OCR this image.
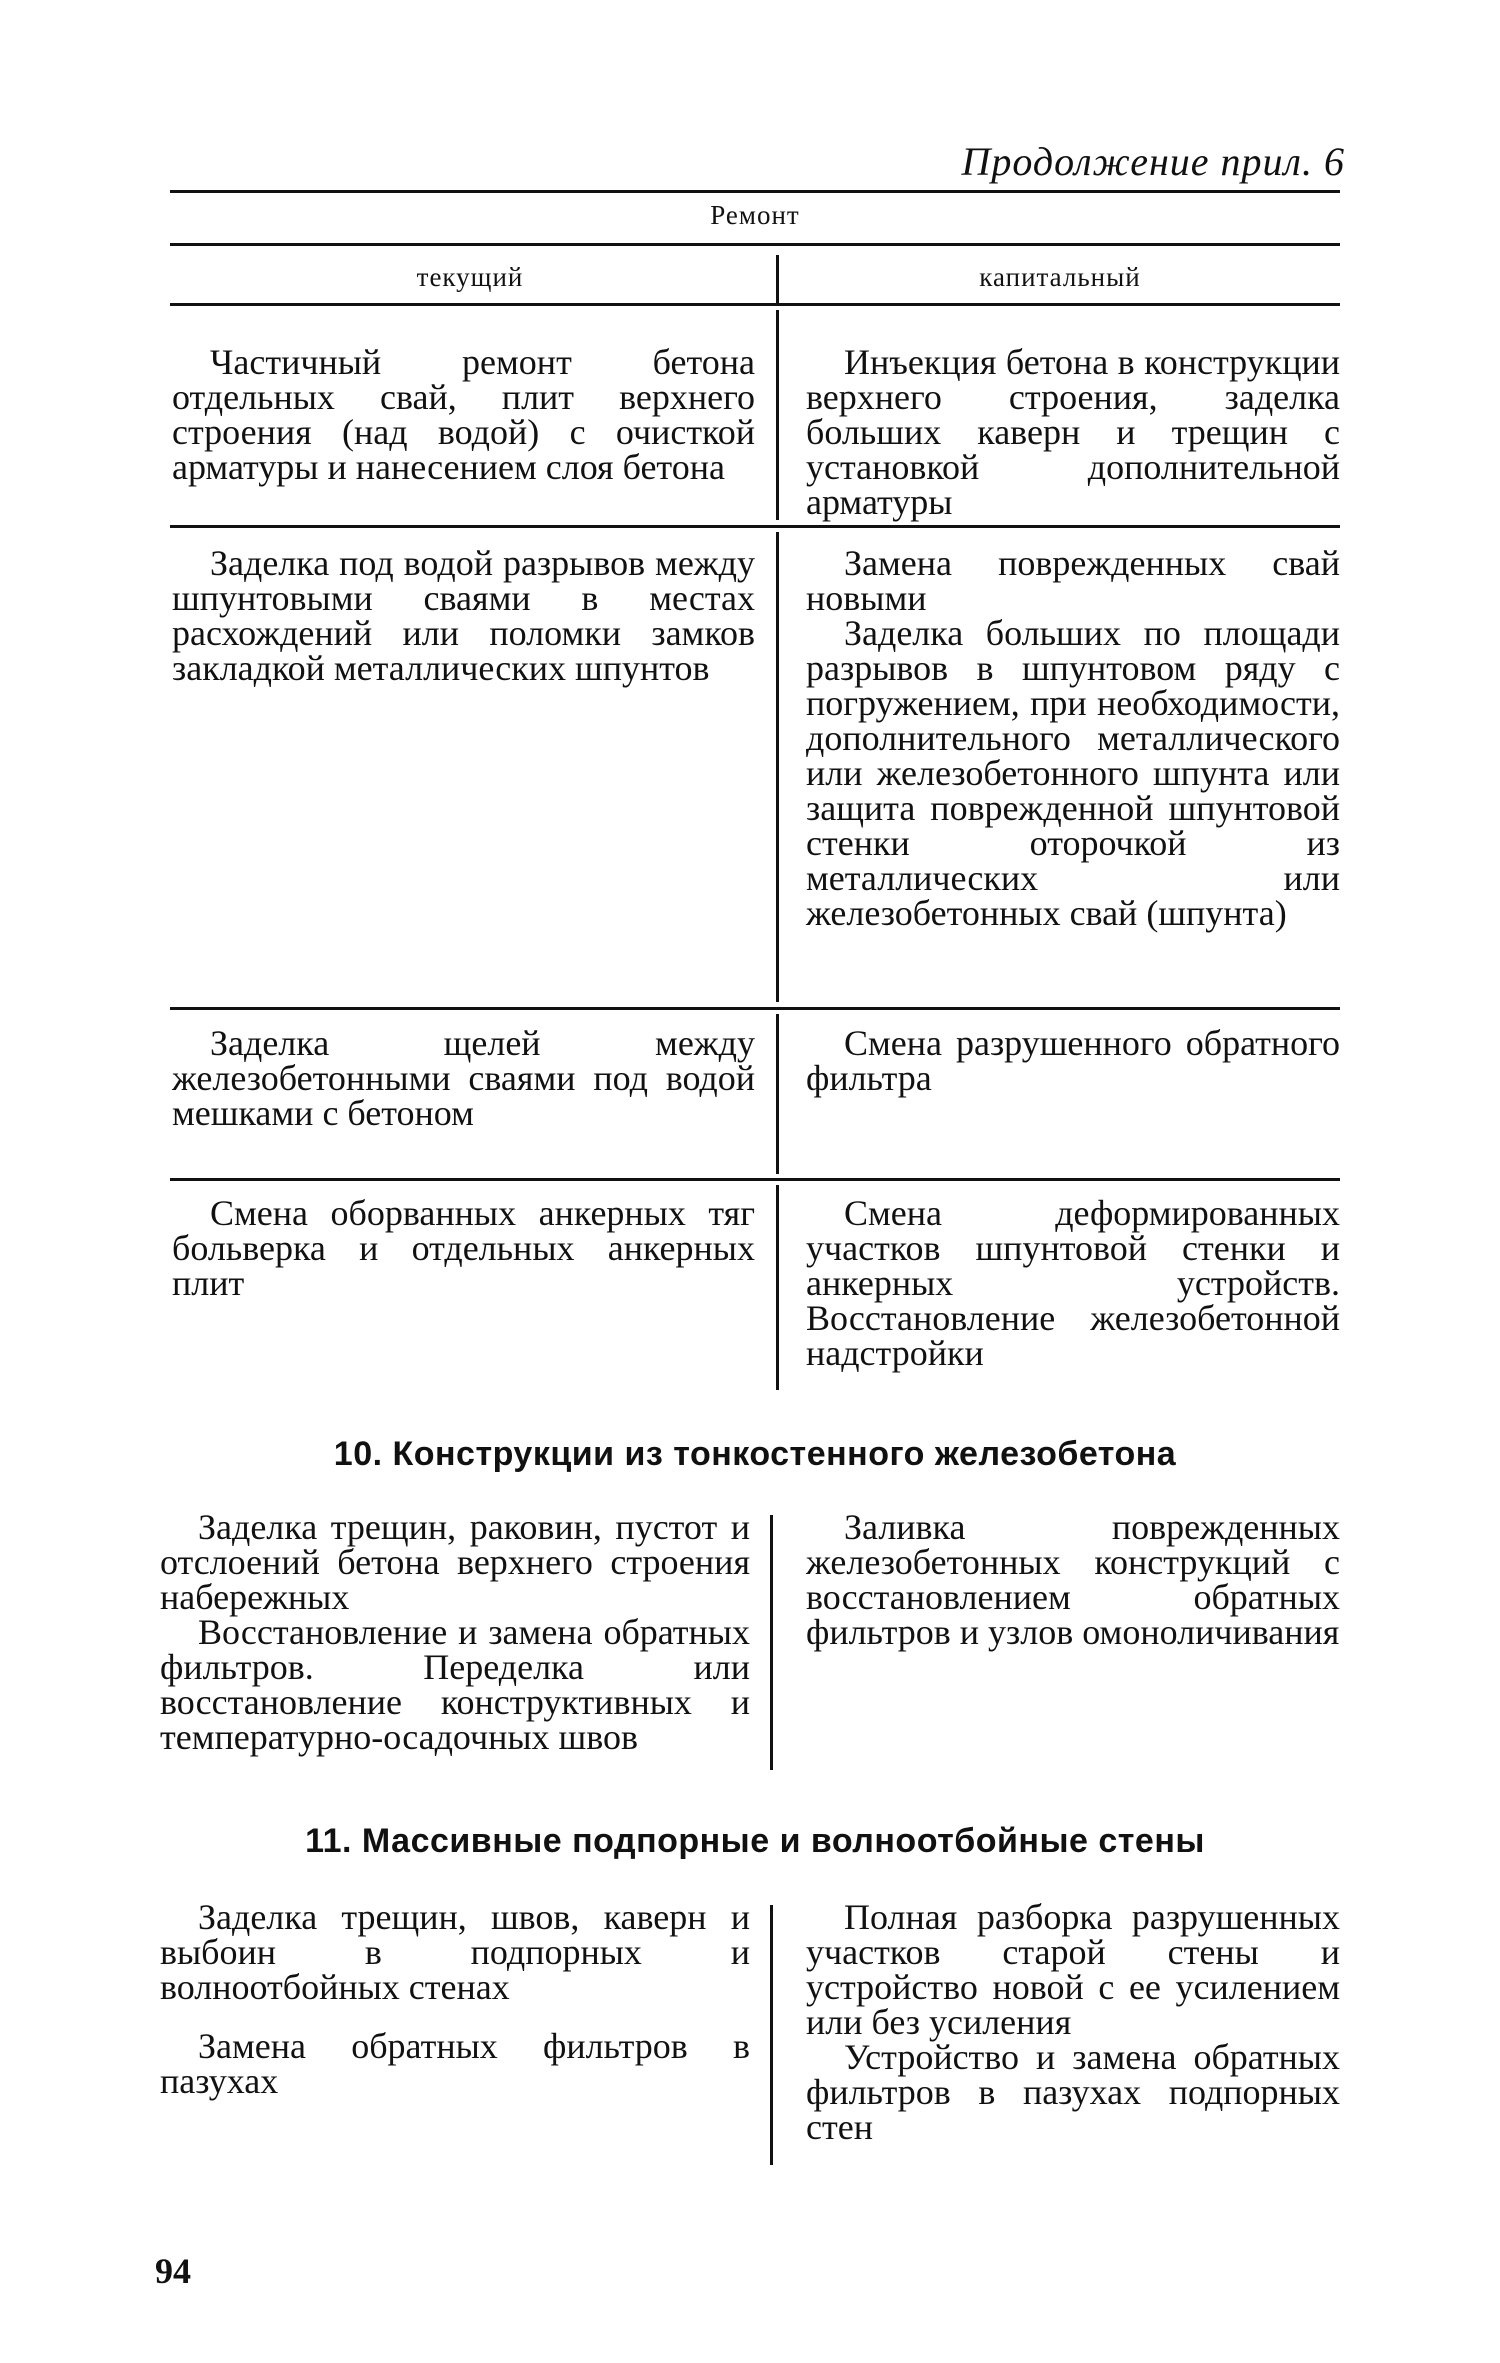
Продолжение прил. 6
Ремонт
текущий	капитальный

Частичный ремонт бетона отдельных свай, плит верхнего строения (над водой) с очисткой арматуры и нанесением слоя бетона

Инъекция бетона в конструкции верхнего строения, заделка больших каверн и трещин с установкой дополнительной арматуры

Заделка под водой разрывов между шпунтовыми сваями в местах расхождений или поломки замков закладкой металлических шпунтов

Замена поврежденных свай новыми

Заделка больших по площади разрывов в шпунтовом ряду с погружением, при необходимости, дополнительного металлического или железобетонного шпунта или защита поврежденной шпунтовой стенки оторочкой из металлических или железобетонных свай (шпунта)

Заделка щелей между железобетонными сваями под водой мешками с бетоном

Смена разрушенного обратного фильтра

Смена оборванных анкерных тяг больверка и отдельных анкерных плит

Смена деформированных участков шпунтовой стенки и анкерных устройств. Восстановление железобетонной надстройки

10. Конструкции из тонкостенного железобетона

Заделка трещин, раковин, пустот и отслоений бетона верхнего строения набережных

Восстановление и замена обратных фильтров. Переделка или восстановление конструктивных и температурно-осадочных швов

Заливка поврежденных железобетонных конструкций с восстановлением обратных фильтров и узлов омоноличивания

11. Массивные подпорные и волноотбойные стены

Заделка трещин, швов, каверн и выбоин в подпорных и волноотбойных стенах

Замена обратных фильтров в пазухах

Полная разборка разрушенных участков старой стены и устройство новой с ее усилением или без усиления

Устройство и замена обратных фильтров в пазухах подпорных стен

94
